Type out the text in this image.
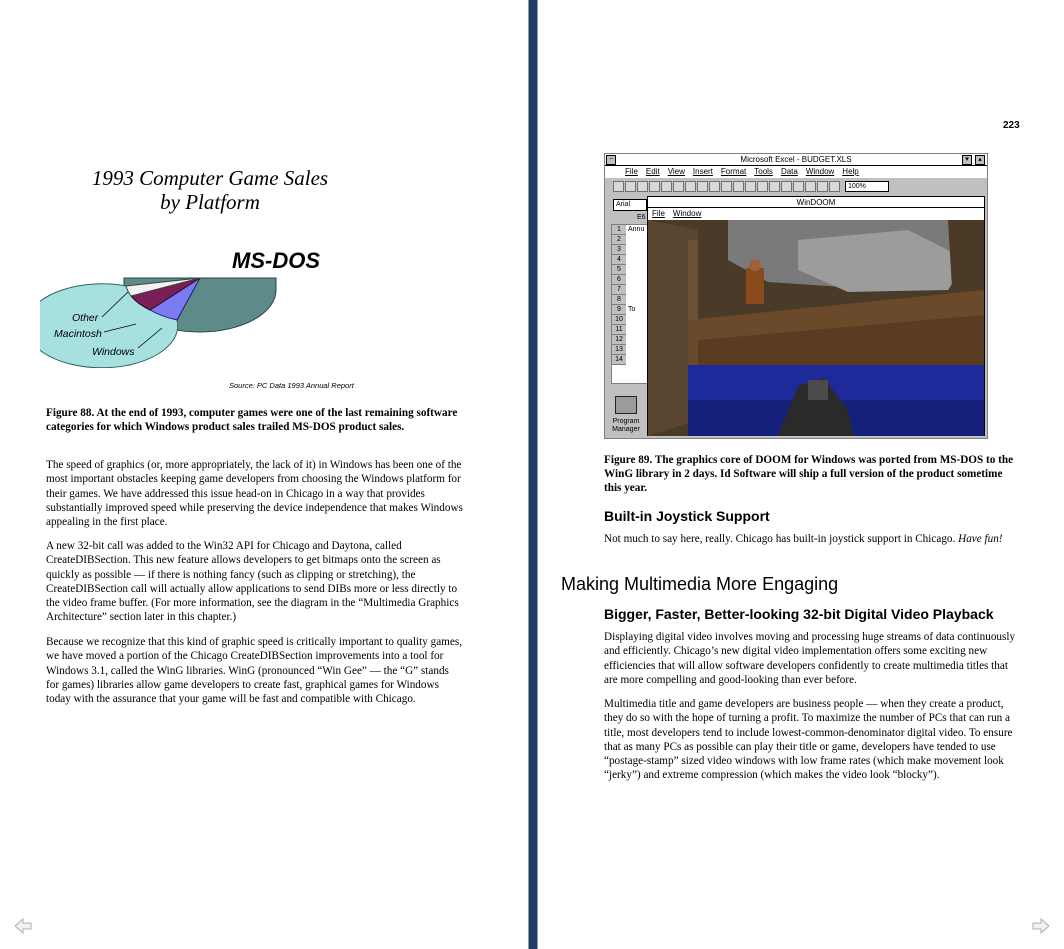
1993 Computer Game Sales
by Platform
MS-DOS
Other
Macintosh
Windows
Source: PC Data 1993 Annual Report
Figure 88. At the end of 1993, computer games were one of the last remaining software categories for which Windows product sales trailed MS-DOS product sales.
The speed of graphics (or, more appropriately, the lack of it) in Windows has been one of the most important obstacles keeping game developers from choosing the Windows platform for their games. We have addressed this issue head-on in Chicago in a way that provides substantially improved speed while preserving the device independence that makes Windows appealing in the first place.
A new 32-bit call was added to the Win32 API for Chicago and Daytona, called CreateDIBSection. This new feature allows developers to get bitmaps onto the screen as quickly as possible — if there is nothing fancy (such as clipping or stretching), the CreateDIBSection call will actually allow applications to send DIBs more or less directly to the video frame buffer. (For more information, see the diagram in the “Multimedia Graphics Architecture” section later in this chapter.)
Because we recognize that this kind of graphic speed is critically important to quality games, we have moved a portion of the Chicago CreateDIBSection improvements into a tool for Windows 3.1, called the WinG libraries. WinG (pronounced “Win Gee” — the “G” stands for games) libraries allow game developers to create fast, graphical games for Windows today with the assurance that your game will be fast and compatible with Chicago.
223
Microsoft Excel - BUDGET.XLS
−	▾	▴
File Edit View Insert Format Tools Data Window Help
100%
Arial
E6
1
2
3
4
5
6
7
8
9
10
11
12
13
14
Annu
To
Program Manager
WinDOOM
File Window
Figure 89. The graphics core of DOOM for Windows was ported from MS-DOS to the WinG library in 2 days. Id Software will ship a full version of the product sometime this year.
Built-in Joystick Support
Not much to say here, really. Chicago has built-in joystick support in Chicago. Have fun!
Making Multimedia More Engaging
Bigger, Faster, Better-looking 32-bit Digital Video Playback
Displaying digital video involves moving and processing huge streams of data continuously and efficiently. Chicago’s new digital video implementation offers some exciting new efficiencies that will allow software developers confidently to create multimedia titles that are more compelling and good-looking than ever before.
Multimedia title and game developers are business people — when they create a product, they do so with the hope of turning a profit. To maximize the number of PCs that can run a title, most developers tend to include lowest-common-denominator digital video. To ensure that as many PCs as possible can play their title or game, developers have tended to use “postage-stamp” sized video windows with low frame rates (which make movement look “jerky”) and extreme compression (which makes the video look “blocky”).
